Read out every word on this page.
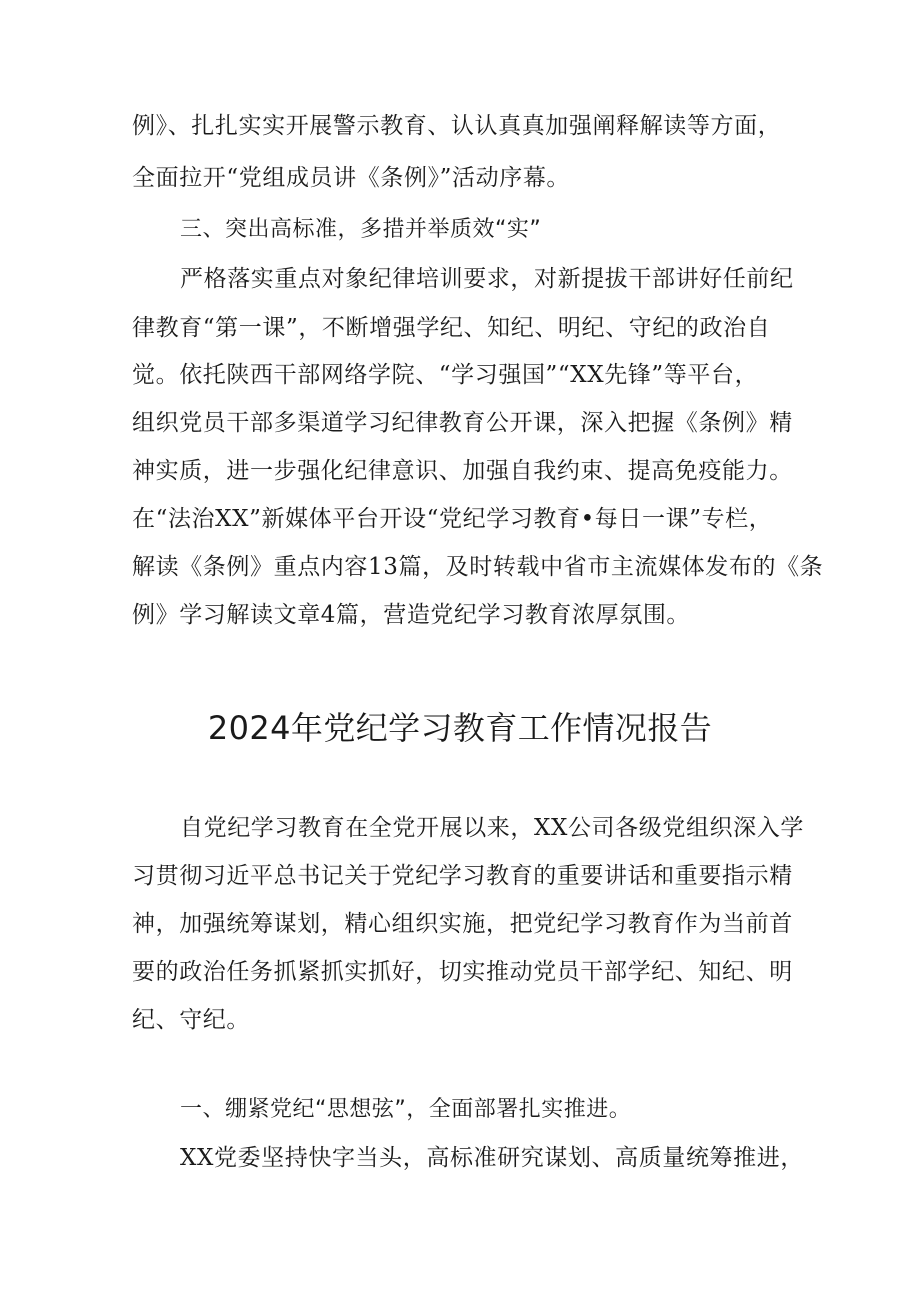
例》、扎扎实实开展警示教育、认认真真加强阐释解读等方面，
全面拉开“党组成员讲《条例》”活动序幕。
三、突出高标准，多措并举质效“实”
严格落实重点对象纪律培训要求，对新提拔干部讲好任前纪
律教育“第一课”，不断增强学纪、知纪、明纪、守纪的政治自
觉。依托陕西干部网络学院、“学习强国”“XX先锋”等平台，
组织党员干部多渠道学习纪律教育公开课，深入把握《条例》精
神实质，进一步强化纪律意识、加强自我约束、提高免疫能力。
在“法治XX”新媒体平台开设“党纪学习教育•每日一课”专栏，
解读《条例》重点内容13篇，及时转载中省市主流媒体发布的《条
例》学习解读文章4篇，营造党纪学习教育浓厚氛围。
2024年党纪学习教育工作情况报告
自党纪学习教育在全党开展以来，XX公司各级党组织深入学
习贯彻习近平总书记关于党纪学习教育的重要讲话和重要指示精
神，加强统筹谋划，精心组织实施，把党纪学习教育作为当前首
要的政治任务抓紧抓实抓好，切实推动党员干部学纪、知纪、明
纪、守纪。
一、绷紧党纪“思想弦”，全面部署扎实推进。
XX党委坚持快字当头，高标准研究谋划、高质量统筹推进，
